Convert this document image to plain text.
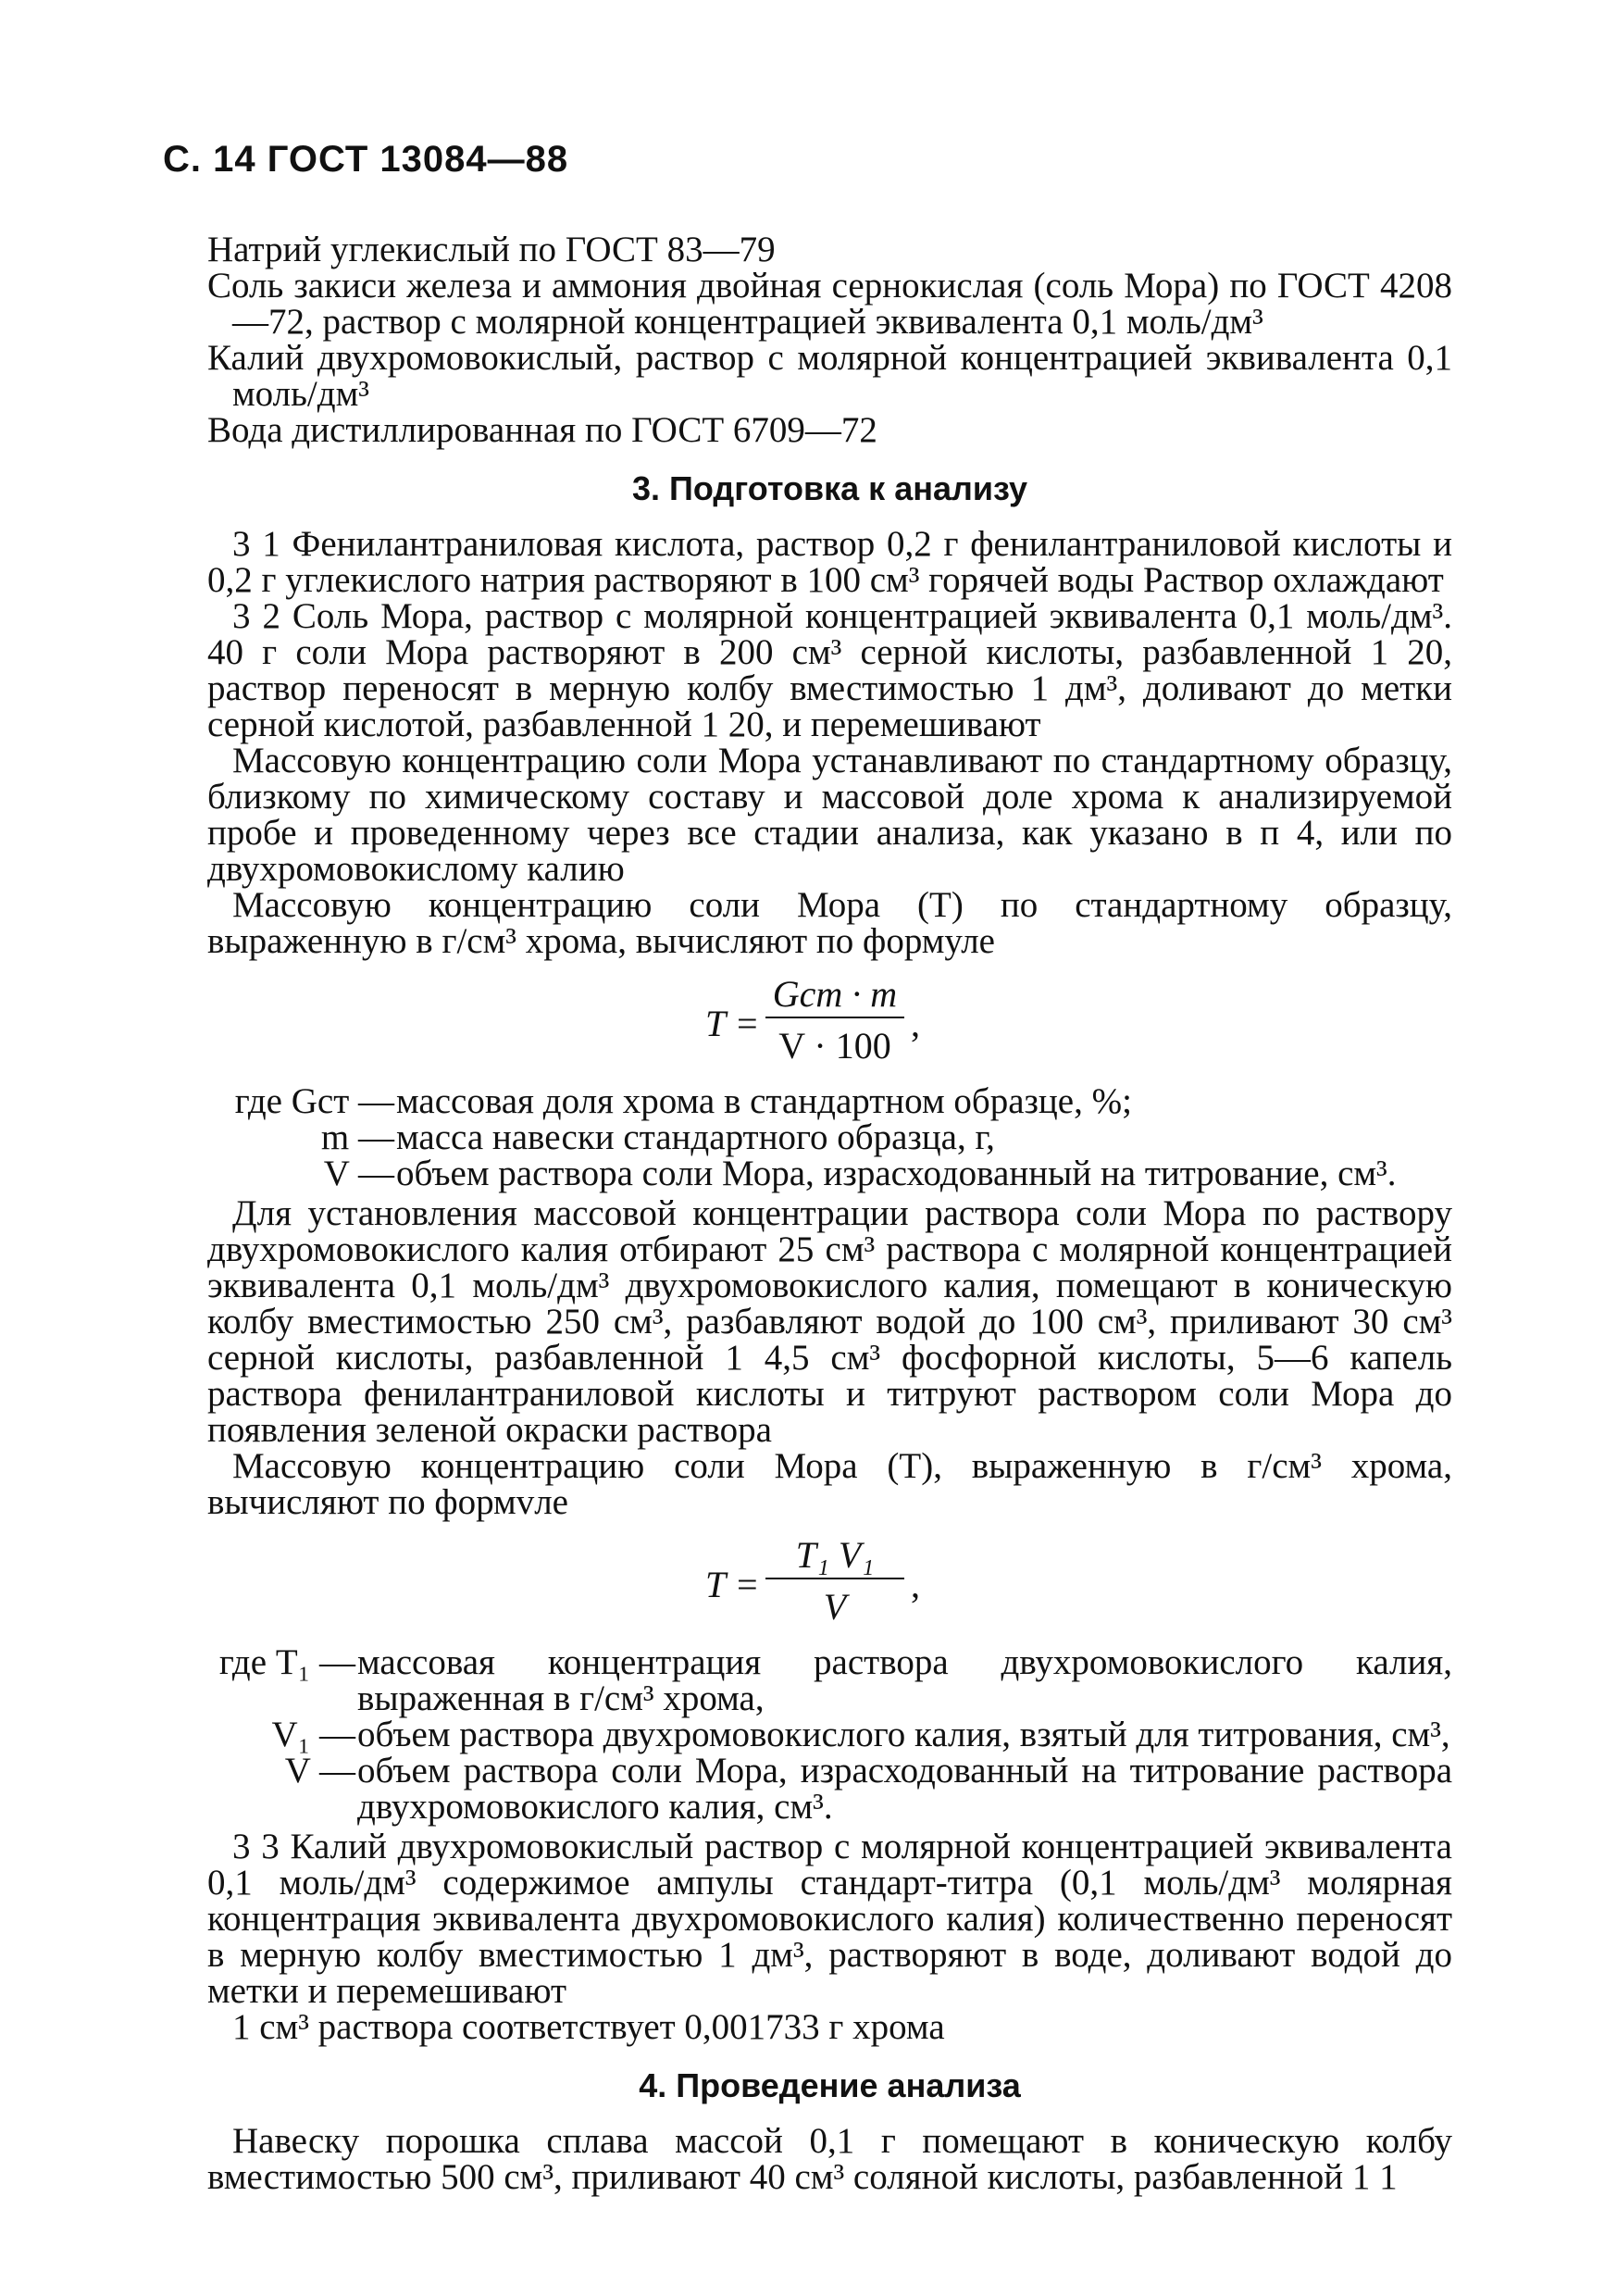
С. 14 ГОСТ 13084—88

Натрий углекислый по ГОСТ 83—79

Соль закиси железа и аммония двойная сернокислая (соль Мора) по ГОСТ 4208—72, раствор с молярной концентрацией эквивалента 0,1 моль/дм³

Калий двухромовокислый, раствор с молярной концентрацией эквивалента 0,1 моль/дм³

Вода дистиллированная по ГОСТ 6709—72

3. Подготовка к анализу

3 1 Фенилантраниловая кислота, раствор 0,2 г фенилантраниловой кислоты и 0,2 г углекислого натрия растворяют в 100 см³ горячей воды Раствор охлаждают

3 2 Соль Мора, раствор с молярной концентрацией эквивалента 0,1 моль/дм³. 40 г соли Мора растворяют в 200 см³ серной кислоты, разбавленной 1 20, раствор переносят в мерную колбу вместимостью 1 дм³, доливают до метки серной кислотой, разбавленной 1 20, и перемешивают

Массовую концентрацию соли Мора устанавливают по стандартному образцу, близкому по химическому составу и массовой доле хрома к анализируемой пробе и проведенному через все стадии анализа, как указано в п 4, или по двухромовокислому калию

Массовую концентрацию соли Мора (T) по стандартному образцу, выраженную в г/см³ хрома, вычисляют по формуле

T =
Gст · m
V · 100
,
где Gст — массовая доля хрома в стандартном образце, %;
m — масса навески стандартного образца, г,
V — объем раствора соли Мора, израсходованный на титрование, см³.

Для установления массовой концентрации раствора соли Мора по раствору двухромовокислого калия отбирают 25 см³ раствора с молярной концентрацией эквивалента 0,1 моль/дм³ двухромовокислого калия, помещают в коническую колбу вместимостью 250 см³, разбавляют водой до 100 см³, приливают 30 см³ серной кислоты, разбавленной 1 4,5 см³ фосфорной кислоты, 5—6 капель раствора фенилантраниловой кислоты и титруют раствором соли Мора до появления зеленой окраски раствора

Массовую концентрацию соли Мора (T), выраженную в г/см³ хрома, вычисляют по формvле

T =
T₁ V₁
V
,
где T₁ — массовая концентрация раствора двухромовокислого калия, выраженная в г/см³ хрома,
V₁ — объем раствора двухромовокислого калия, взятый для титрования, см³,
V — объем раствора соли Мора, израсходованный на титрование раствора двухромовокислого калия, см³.

3 3 Калий двухромовокислый раствор с молярной концентрацией эквивалента 0,1 моль/дм³ содержимое ампулы стандарт-титра (0,1 моль/дм³ молярная концентрация эквивалента двухромовокислого калия) количественно переносят в мерную колбу вместимостью 1 дм³, растворяют в воде, доливают водой до метки и перемешивают

1 см³ раствора соответствует 0,001733 г хрома

4. Проведение анализа

Навеску порошка сплава массой 0,1 г помещают в коническую колбу вместимостью 500 см³, приливают 40 см³ соляной кислоты, разбавленной 1 1
